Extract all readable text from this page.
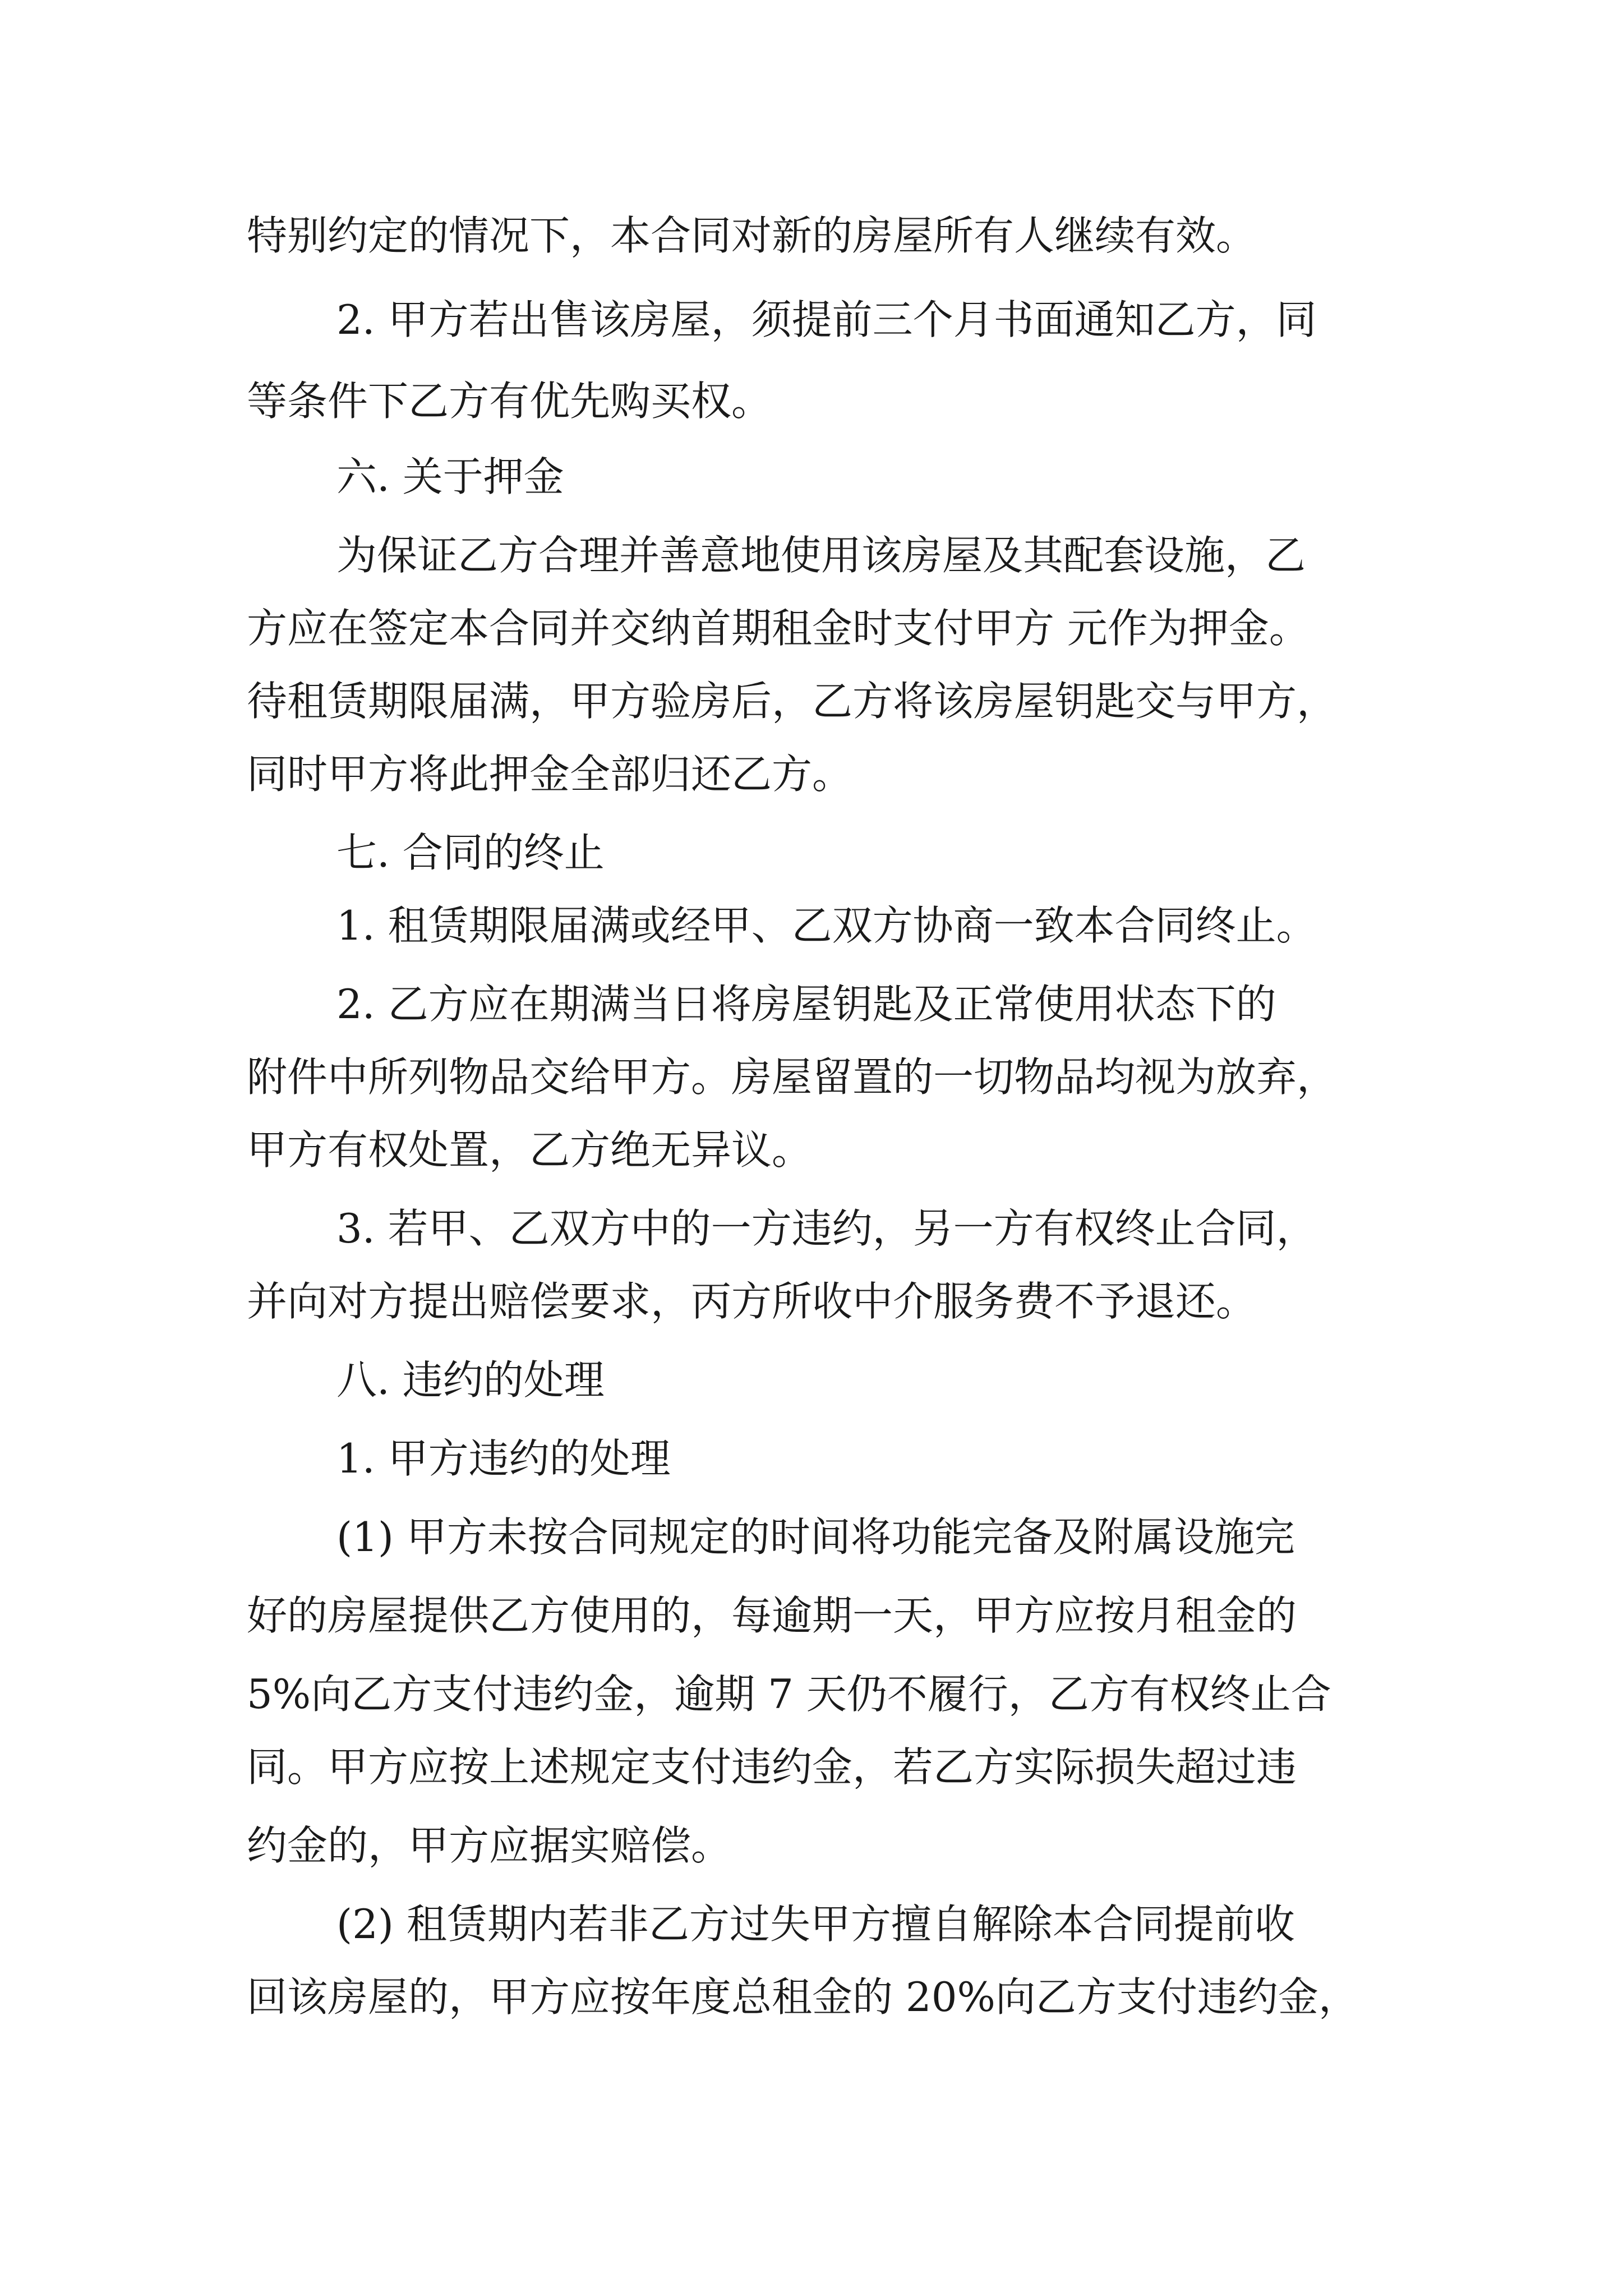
特别约定的情况下，本合同对新的房屋所有人继续有效。
2. 甲方若出售该房屋，须提前三个月书面通知乙方，同
等条件下乙方有优先购买权。
六. 关于押金
为保证乙方合理并善意地使用该房屋及其配套设施，乙
方应在签定本合同并交纳首期租金时支付甲方 元作为押金。
待租赁期限届满，甲方验房后，乙方将该房屋钥匙交与甲方，
同时甲方将此押金全部归还乙方。
七. 合同的终止
1. 租赁期限届满或经甲、乙双方协商一致本合同终止。
2. 乙方应在期满当日将房屋钥匙及正常使用状态下的
附件中所列物品交给甲方。房屋留置的一切物品均视为放弃，
甲方有权处置，乙方绝无异议。
3. 若甲、乙双方中的一方违约，另一方有权终止合同，
并向对方提出赔偿要求，丙方所收中介服务费不予退还。
八. 违约的处理
1. 甲方违约的处理
(1) 甲方未按合同规定的时间将功能完备及附属设施完
好的房屋提供乙方使用的，每逾期一天，甲方应按月租金的
5%向乙方支付违约金，逾期 7 天仍不履行，乙方有权终止合
同。甲方应按上述规定支付违约金，若乙方实际损失超过违
约金的，甲方应据实赔偿。
(2) 租赁期内若非乙方过失甲方擅自解除本合同提前收
回该房屋的，甲方应按年度总租金的 20%向乙方支付违约金，
